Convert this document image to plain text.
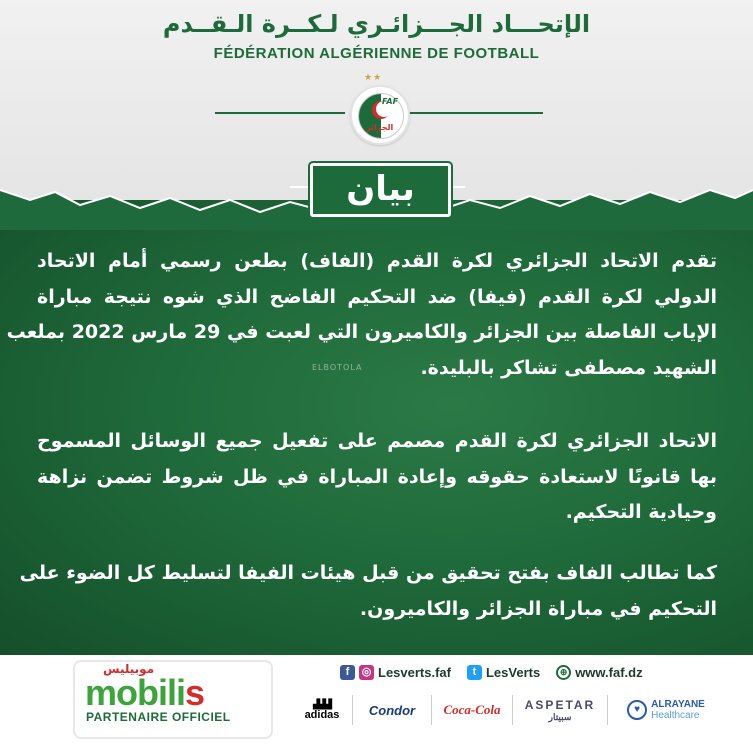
الإتحـــاد الجـــزائـري لـكــرة الـقــدم
FÉDÉRATION ALGÉRIENNE DE FOOTBALL
★★
FAF
الجزائر
بيان
تقدم الاتحاد الجزائري لكرة القدم (الفاف) بطعن رسمي أمام الاتحاد
الدولي لكرة القدم (فيفا) ضد التحكيم الفاضح الذي شوه نتيجة مباراة
الإياب الفاصلة بين الجزائر والكاميرون التي لعبت في 29 مارس 2022 بملعب
الشهيد مصطفى تشاكر بالبليدة.
ELBOTOLA
الاتحاد الجزائري لكرة القدم مصمم على تفعيل جميع الوسائل المسموح
بها قانونًا لاستعادة حقوقه وإعادة المباراة في ظل شروط تضمن نزاهة
وحيادية التحكيم.
كما تطالب الفاف بفتح تحقيق من قبل هيئات الفيفا لتسليط كل الضوء على
التحكيم في مباراة الجزائر والكاميرون.
موبيليس
mobilis
PARTENAIRE OFFICIEL
f	◎ Lesverts.faf	t LesVerts	⊕ www.faf.dz
▟▟▟
adidas	Condor	Coca-Cola	ASPETAR
سبيتار
♥	ALRAYANE
Healthcare
